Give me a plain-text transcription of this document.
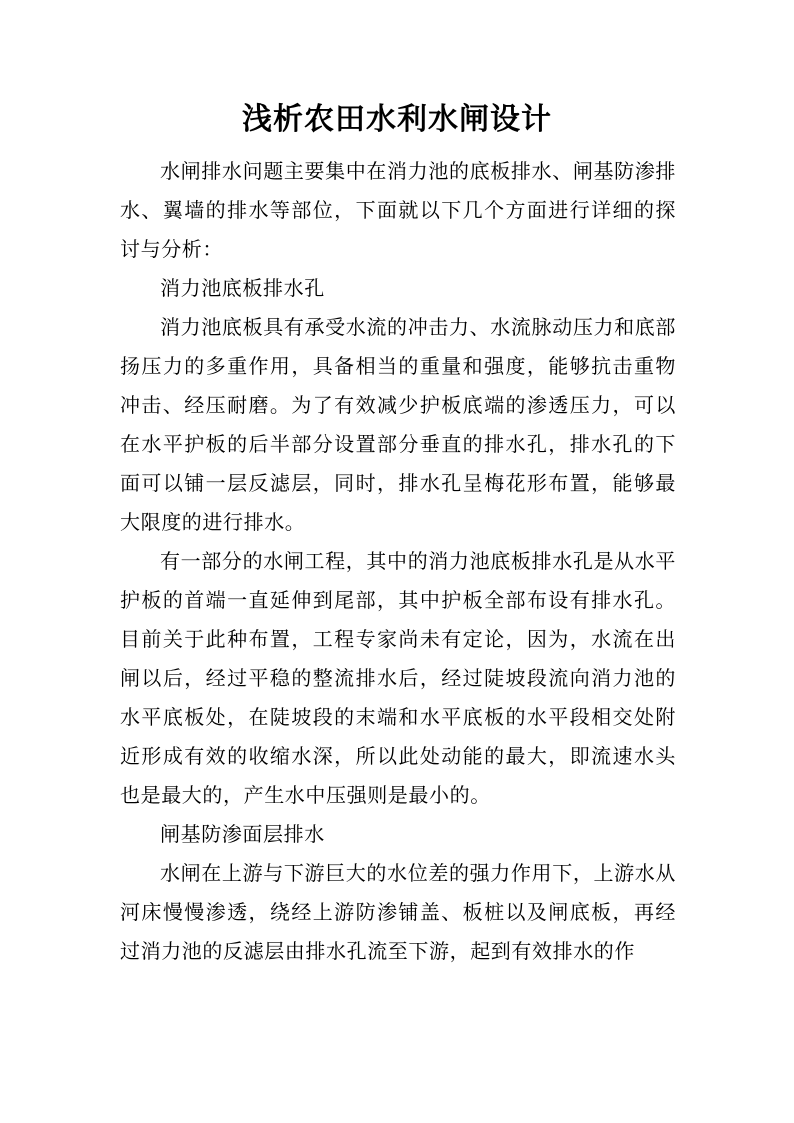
浅析农田水利水闸设计

水闸排水问题主要集中在消力池的底板排水、闸基防渗排水、翼墙的排水等部位，下面就以下几个方面进行详细的探讨与分析：

消力池底板排水孔

消力池底板具有承受水流的冲击力、水流脉动压力和底部扬压力的多重作用，具备相当的重量和强度，能够抗击重物冲击、经压耐磨。为了有效减少护板底端的渗透压力，可以在水平护板的后半部分设置部分垂直的排水孔，排水孔的下面可以铺一层反滤层，同时，排水孔呈梅花形布置，能够最大限度的进行排水。

有一部分的水闸工程，其中的消力池底板排水孔是从水平护板的首端一直延伸到尾部，其中护板全部布设有排水孔。目前关于此种布置，工程专家尚未有定论，因为，水流在出闸以后，经过平稳的整流排水后，经过陡坡段流向消力池的水平底板处，在陡坡段的末端和水平底板的水平段相交处附近形成有效的收缩水深，所以此处动能的最大，即流速水头也是最大的，产生水中压强则是最小的。

闸基防渗面层排水

水闸在上游与下游巨大的水位差的强力作用下，上游水从河床慢慢渗透，绕经上游防渗铺盖、板桩以及闸底板，再经过消力池的反滤层由排水孔流至下游，起到有效排水的作
